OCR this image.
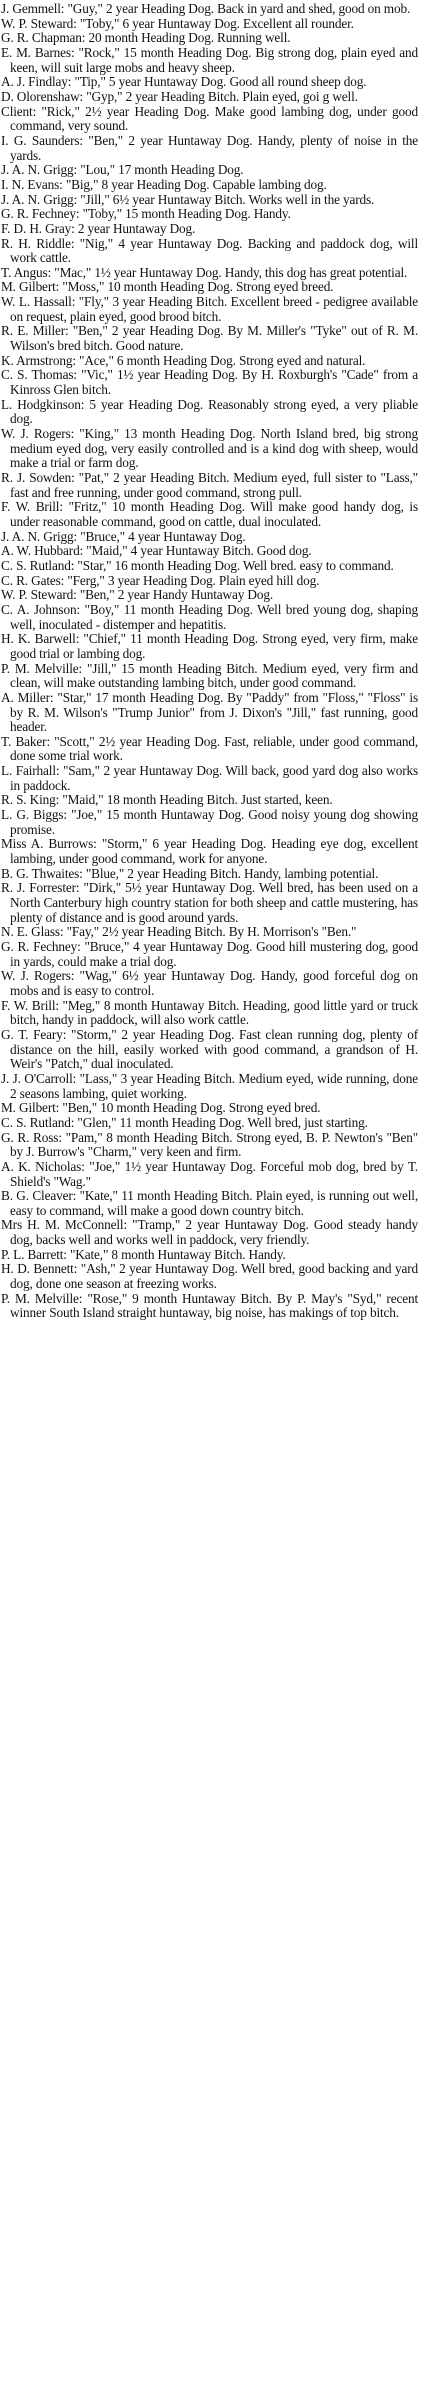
J. Gemmell: "Guy," 2 year Heading Dog. Back in yard and shed, good on mob.

W. P. Steward: "Toby," 6 year Huntaway Dog. Excellent all rounder.

G. R. Chapman: 20 month Heading Dog. Running well.

E. M. Barnes: "Rock," 15 month Heading Dog. Big strong dog, plain eyed and keen, will suit large mobs and heavy sheep.

A. J. Findlay: "Tip," 5 year Huntaway Dog. Good all round sheep dog.

D. Olorenshaw: "Gyp," 2 year Heading Bitch. Plain eyed, goi g well.

Client: "Rick," 2½ year Heading Dog. Make good lambing dog, under good command, very sound.

I. G. Saunders: "Ben," 2 year Huntaway Dog. Handy, plenty of noise in the yards.

J. A. N. Grigg: "Lou," 17 month Heading Dog.

I. N. Evans: "Big," 8 year Heading Dog. Capable lambing dog.

J. A. N. Grigg: "Jill," 6½ year Huntaway Bitch. Works well in the yards.

G. R. Fechney: "Toby," 15 month Heading Dog. Handy.

F. D. H. Gray: 2 year Huntaway Dog.

R. H. Riddle: "Nig," 4 year Huntaway Dog. Backing and paddock dog, will work cattle.

T. Angus: "Mac," 1½ year Huntaway Dog. Handy, this dog has great potential.

M. Gilbert: "Moss," 10 month Heading Dog. Strong eyed breed.

W. L. Hassall: "Fly," 3 year Heading Bitch. Excellent breed - pedigree available on request, plain eyed, good brood bitch.

R. E. Miller: "Ben," 2 year Heading Dog. By M. Miller's "Tyke" out of R. M. Wilson's bred bitch. Good nature.

K. Armstrong: "Ace," 6 month Heading Dog. Strong eyed and natural.

C. S. Thomas: "Vic," 1½ year Heading Dog. By H. Roxburgh's "Cade" from a Kinross Glen bitch.

L. Hodgkinson: 5 year Heading Dog. Reasonably strong eyed, a very pliable dog.

W. J. Rogers: "King," 13 month Heading Dog. North Island bred, big strong medium eyed dog, very easily controlled and is a kind dog with sheep, would make a trial or farm dog.

R. J. Sowden: "Pat," 2 year Heading Bitch. Medium eyed, full sister to "Lass," fast and free running, under good command, strong pull.

F. W. Brill: "Fritz," 10 month Heading Dog. Will make good handy dog, is under reasonable command, good on cattle, dual inoculated.

J. A. N. Grigg: "Bruce," 4 year Huntaway Dog.

A. W. Hubbard: "Maid," 4 year Huntaway Bitch. Good dog.

C. S. Rutland: "Star," 16 month Heading Dog. Well bred. easy to command.

C. R. Gates: "Ferg," 3 year Heading Dog. Plain eyed hill dog.

W. P. Steward: "Ben," 2 year Handy Huntaway Dog.

C. A. Johnson: "Boy," 11 month Heading Dog. Well bred young dog, shaping well, inoculated - distemper and hepatitis.

H. K. Barwell: "Chief," 11 month Heading Dog. Strong eyed, very firm, make good trial or lambing dog.

P. M. Melville: "Jill," 15 month Heading Bitch. Medium eyed, very firm and clean, will make outstanding lambing bitch, under good command.

A. Miller: "Star," 17 month Heading Dog. By "Paddy" from "Floss," "Floss" is by R. M. Wilson's "Trump Junior" from J. Dixon's "Jill," fast running, good header.

T. Baker: "Scott," 2½ year Heading Dog. Fast, reliable, under good command, done some trial work.

L. Fairhall: "Sam," 2 year Huntaway Dog. Will back, good yard dog also works in paddock.

R. S. King: "Maid," 18 month Heading Bitch. Just started, keen.

L. G. Biggs: "Joe," 15 month Huntaway Dog. Good noisy young dog showing promise.

Miss A. Burrows: "Storm," 6 year Heading Dog. Heading eye dog, excellent lambing, under good command, work for anyone.

B. G. Thwaites: "Blue," 2 year Heading Bitch. Handy, lambing potential.

R. J. Forrester: "Dirk," 5½ year Huntaway Dog. Well bred, has been used on a North Canterbury high country station for both sheep and cattle mustering, has plenty of distance and is good around yards.

N. E. Glass: "Fay," 2½ year Heading Bitch. By H. Morrison's "Ben."

G. R. Fechney: "Bruce," 4 year Huntaway Dog. Good hill mustering dog, good in yards, could make a trial dog.

W. J. Rogers: "Wag," 6½ year Huntaway Dog. Handy, good forceful dog on mobs and is easy to control.

F. W. Brill: "Meg," 8 month Huntaway Bitch. Heading, good little yard or truck bitch, handy in paddock, will also work cattle.

G. T. Feary: "Storm," 2 year Heading Dog. Fast clean running dog, plenty of distance on the hill, easily worked with good command, a grandson of H. Weir's "Patch," dual inoculated.

J. J. O'Carroll: "Lass," 3 year Heading Bitch. Medium eyed, wide running, done 2 seasons lambing, quiet working.

M. Gilbert: "Ben," 10 month Heading Dog. Strong eyed bred.

C. S. Rutland: "Glen," 11 month Heading Dog. Well bred, just starting.

G. R. Ross: "Pam," 8 month Heading Bitch. Strong eyed, B. P. Newton's "Ben" by J. Burrow's "Charm," very keen and firm.

A. K. Nicholas: "Joe," 1½ year Huntaway Dog. Forceful mob dog, bred by T. Shield's "Wag."

B. G. Cleaver: "Kate," 11 month Heading Bitch. Plain eyed, is running out well, easy to command, will make a good down country bitch.

Mrs H. M. McConnell: "Tramp," 2 year Huntaway Dog. Good steady handy dog, backs well and works well in paddock, very friendly.

P. L. Barrett: "Kate," 8 month Huntaway Bitch. Handy.

H. D. Bennett: "Ash," 2 year Huntaway Dog. Well bred, good backing and yard dog, done one season at freezing works.

P. M. Melville: "Rose," 9 month Huntaway Bitch. By P. May's "Syd," recent winner South Island straight huntaway, big noise, has makings of top bitch.
